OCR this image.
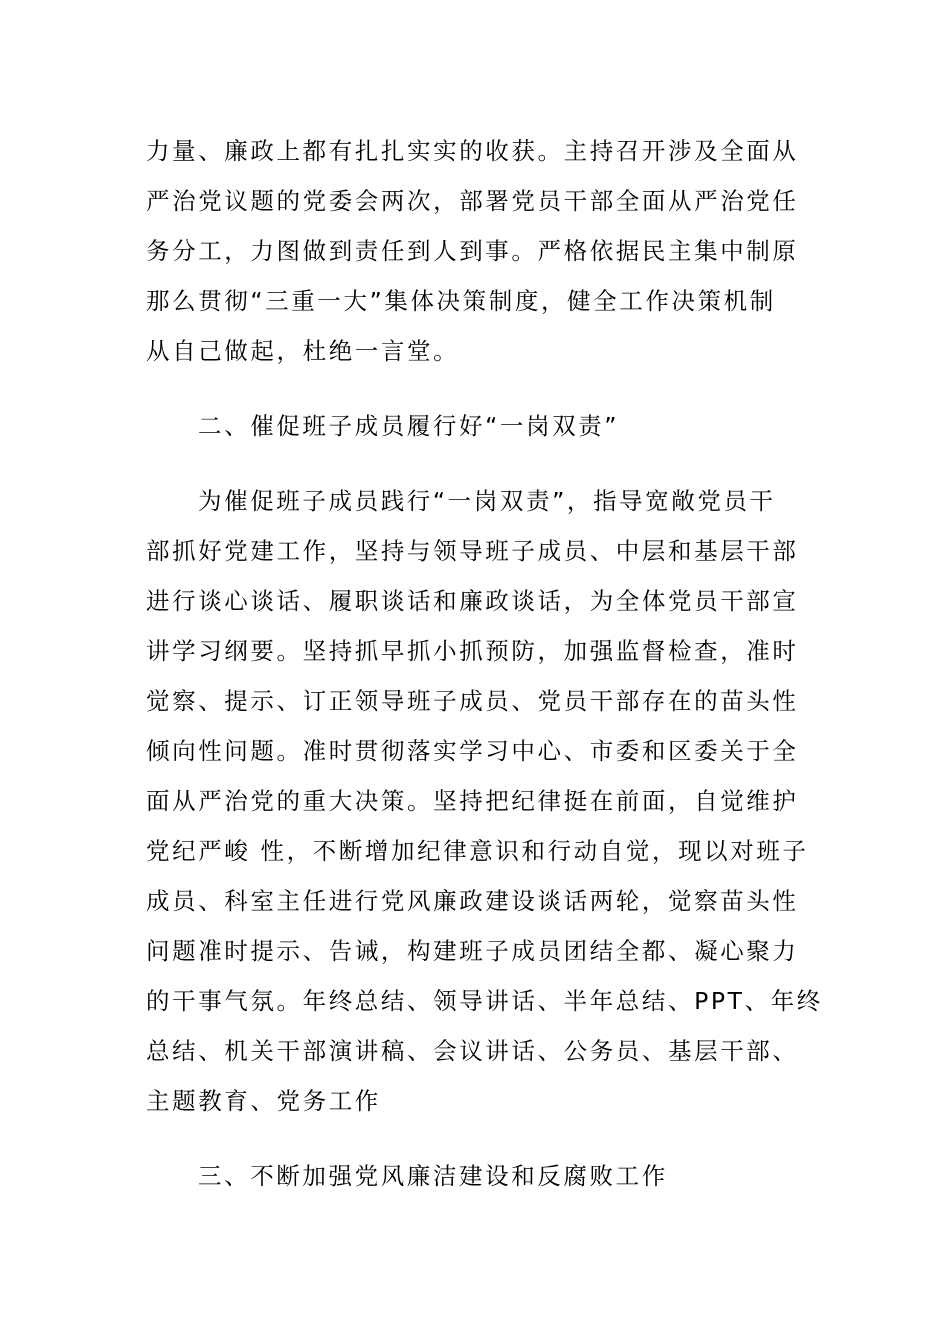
力量、廉政上都有扎扎实实的收获。主持召开涉及全面从
严治党议题的党委会两次，部署党员干部全面从严治党任
务分工，力图做到责任到人到事。严格依据民主集中制原
那么贯彻“三重一大”集体决策制度，健全工作决策机制
从自己做起，杜绝一言堂。
二、催促班子成员履行好“一岗双责”
为催促班子成员践行“一岗双责”，指导宽敞党员干
部抓好党建工作，坚持与领导班子成员、中层和基层干部
进行谈心谈话、履职谈话和廉政谈话，为全体党员干部宣
讲学习纲要。坚持抓早抓小抓预防，加强监督检查，准时
觉察、提示、订正领导班子成员、党员干部存在的苗头性
倾向性问题。准时贯彻落实学习中心、市委和区委关于全
面从严治党的重大决策。坚持把纪律挺在前面，自觉维护
党纪严峻 性，不断增加纪律意识和行动自觉，现以对班子
成员、科室主任进行党风廉政建设谈话两轮，觉察苗头性
问题准时提示、告诫，构建班子成员团结全都、凝心聚力
的干事气氛。年终总结、领导讲话、半年总结、PPT、年终
总结、机关干部演讲稿、会议讲话、公务员、基层干部、
主题教育、党务工作
三、不断加强党风廉洁建设和反腐败工作
